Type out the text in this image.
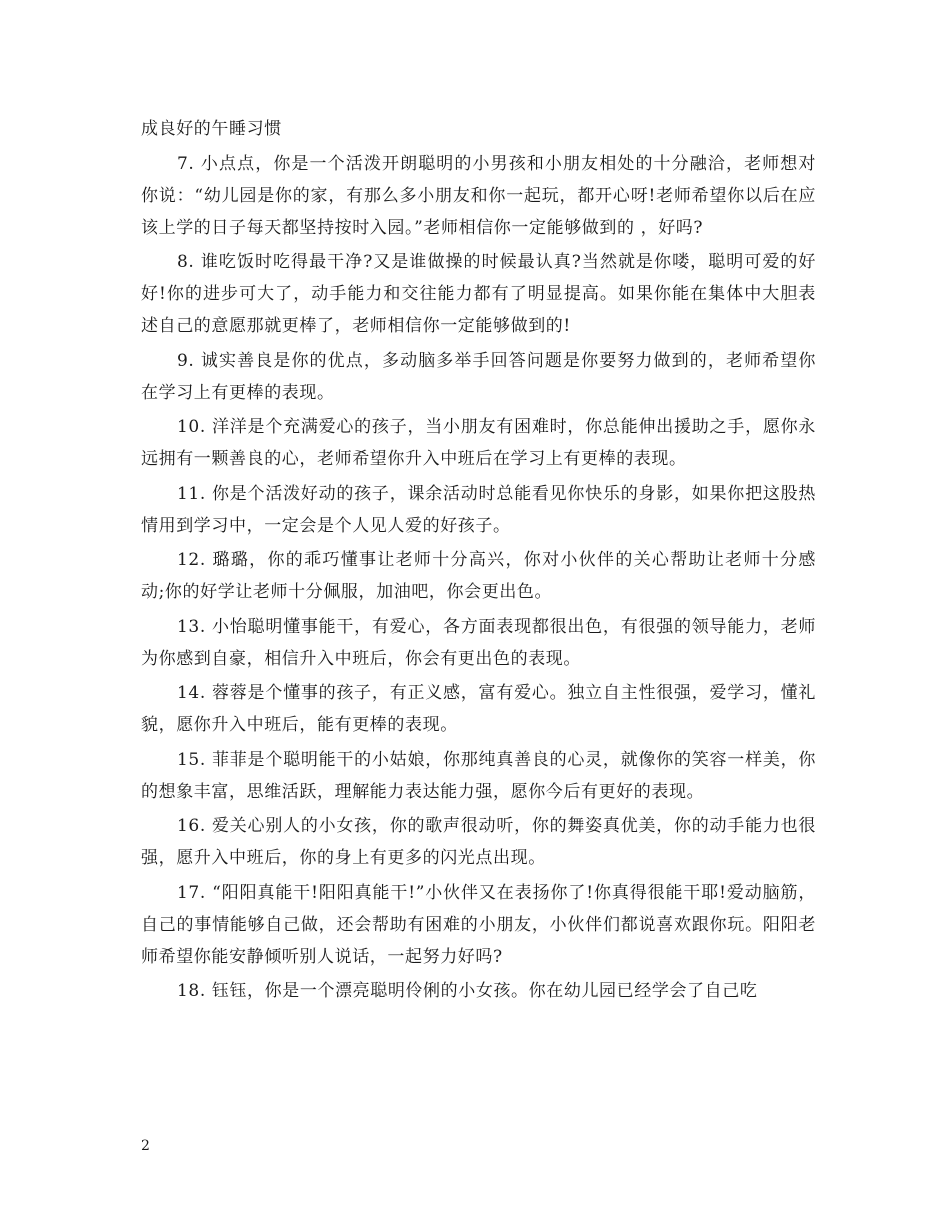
成良好的午睡习惯

7. 小点点，你是一个活泼开朗聪明的小男孩和小朋友相处的十分融洽，老师想对你说：“幼儿园是你的家，有那么多小朋友和你一起玩，都开心呀!老师希望你以后在应该上学的日子每天都坚持按时入园。”老师相信你一定能够做到的 ，好吗?

8. 谁吃饭时吃得最干净?又是谁做操的时候最认真?当然就是你喽，聪明可爱的好好!你的进步可大了，动手能力和交往能力都有了明显提高。如果你能在集体中大胆表述自己的意愿那就更棒了，老师相信你一定能够做到的!

9. 诚实善良是你的优点，多动脑多举手回答问题是你要努力做到的，老师希望你在学习上有更棒的表现。

10. 洋洋是个充满爱心的孩子，当小朋友有困难时，你总能伸出援助之手，愿你永远拥有一颗善良的心，老师希望你升入中班后在学习上有更棒的表现。

11. 你是个活泼好动的孩子，课余活动时总能看见你快乐的身影，如果你把这股热情用到学习中，一定会是个人见人爱的好孩子。

12. 璐璐，你的乖巧懂事让老师十分高兴，你对小伙伴的关心帮助让老师十分感动;你的好学让老师十分佩服，加油吧，你会更出色。

13. 小怡聪明懂事能干，有爱心，各方面表现都很出色，有很强的领导能力，老师为你感到自豪，相信升入中班后，你会有更出色的表现。

14. 蓉蓉是个懂事的孩子，有正义感，富有爱心。独立自主性很强，爱学习，懂礼貌，愿你升入中班后，能有更棒的表现。

15. 菲菲是个聪明能干的小姑娘，你那纯真善良的心灵，就像你的笑容一样美，你的想象丰富，思维活跃，理解能力表达能力强，愿你今后有更好的表现。

16. 爱关心别人的小女孩，你的歌声很动听，你的舞姿真优美，你的动手能力也很强，愿升入中班后，你的身上有更多的闪光点出现。

17. “阳阳真能干!阳阳真能干!”小伙伴又在表扬你了!你真得很能干耶!爱动脑筋，自己的事情能够自己做，还会帮助有困难的小朋友，小伙伴们都说喜欢跟你玩。阳阳老师希望你能安静倾听别人说话，一起努力好吗?

18. 钰钰，你是一个漂亮聪明伶俐的小女孩。你在幼儿园已经学会了自己吃

2
